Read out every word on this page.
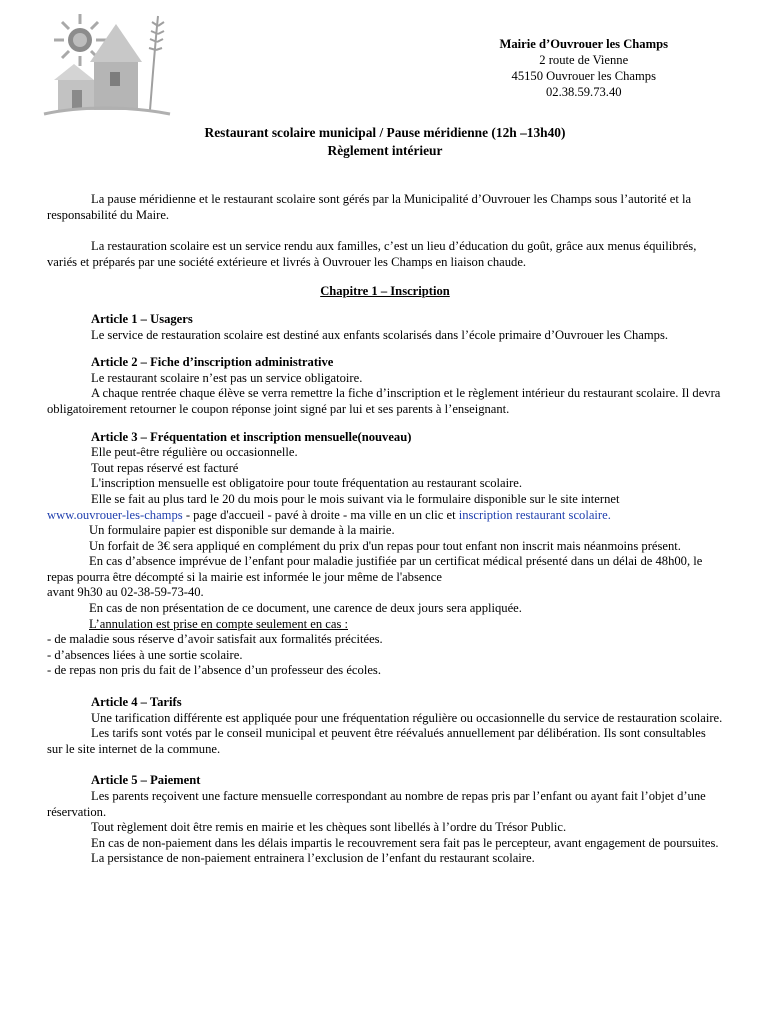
Mairie d’Ouvrouer les Champs
2 route de Vienne
45150 Ouvrouer les Champs
02.38.59.73.40
Restaurant scolaire municipal / Pause méridienne (12h –13h40)
Règlement intérieur

La pause méridienne et le restaurant scolaire sont gérés par la Municipalité d’Ouvrouer les Champs sous l’autorité et la responsabilité du Maire.

La restauration scolaire est un service rendu aux familles, c’est un lieu d’éducation du goût, grâce aux menus équilibrés, variés et préparés par une société extérieure et livrés à Ouvrouer les Champs en liaison chaude.

Chapitre 1 – Inscription

Article 1 – Usagers

Le service de restauration scolaire est destiné aux enfants scolarisés dans l’école primaire d’Ouvrouer les Champs.

Article 2 – Fiche d’inscription administrative

Le restaurant scolaire n’est pas un service obligatoire.

A chaque rentrée chaque élève se verra remettre la fiche d’inscription et le règlement intérieur du restaurant scolaire. Il devra obligatoirement retourner le coupon réponse joint signé par lui et ses parents à l’enseignant.

Article 3 – Fréquentation et inscription mensuelle(nouveau)

Elle peut-être régulière ou occasionnelle.

Tout repas réservé est facturé

L'inscription mensuelle est obligatoire pour toute fréquentation au restaurant scolaire.

Elle se fait au plus tard le 20 du mois pour le mois suivant via le formulaire disponible sur le site internet
www.ouvrouer-les-champs - page d'accueil - pavé à droite - ma ville en un clic et inscription restaurant scolaire.

Un formulaire papier est disponible sur demande à la mairie.

Un forfait de 3€ sera appliqué en complément du prix d'un repas pour tout enfant non inscrit mais néanmoins présent.

En cas d’absence imprévue de l’enfant pour maladie justifiée par un certificat médical présenté dans un délai de 48h00, le repas pourra être décompté si la mairie est informée le jour même de l'absence

avant 9h30 au 02-38-59-73-40.

En cas de non présentation de ce document, une carence de deux jours sera appliquée.

L’annulation est prise en compte seulement en cas :

- de maladie sous réserve d’avoir satisfait aux formalités précitées.

- d’absences liées à une sortie scolaire.

- de repas non pris du fait de l’absence d’un professeur des écoles.

Article 4 – Tarifs

Une tarification différente est appliquée pour une fréquentation régulière ou occasionnelle du service de restauration scolaire.

Les tarifs sont votés par le conseil municipal et peuvent être réévalués annuellement par délibération. Ils sont consultables sur le site internet de la commune.

Article 5 – Paiement

Les parents reçoivent une facture mensuelle correspondant au nombre de repas pris par l’enfant ou ayant fait l’objet d’une réservation.

Tout règlement doit être remis en mairie et les chèques sont libellés à l’ordre du Trésor Public.

En cas de non-paiement dans les délais impartis le recouvrement sera fait pas le percepteur, avant engagement de poursuites.

La persistance de non-paiement entrainera l’exclusion de l’enfant du restaurant scolaire.
